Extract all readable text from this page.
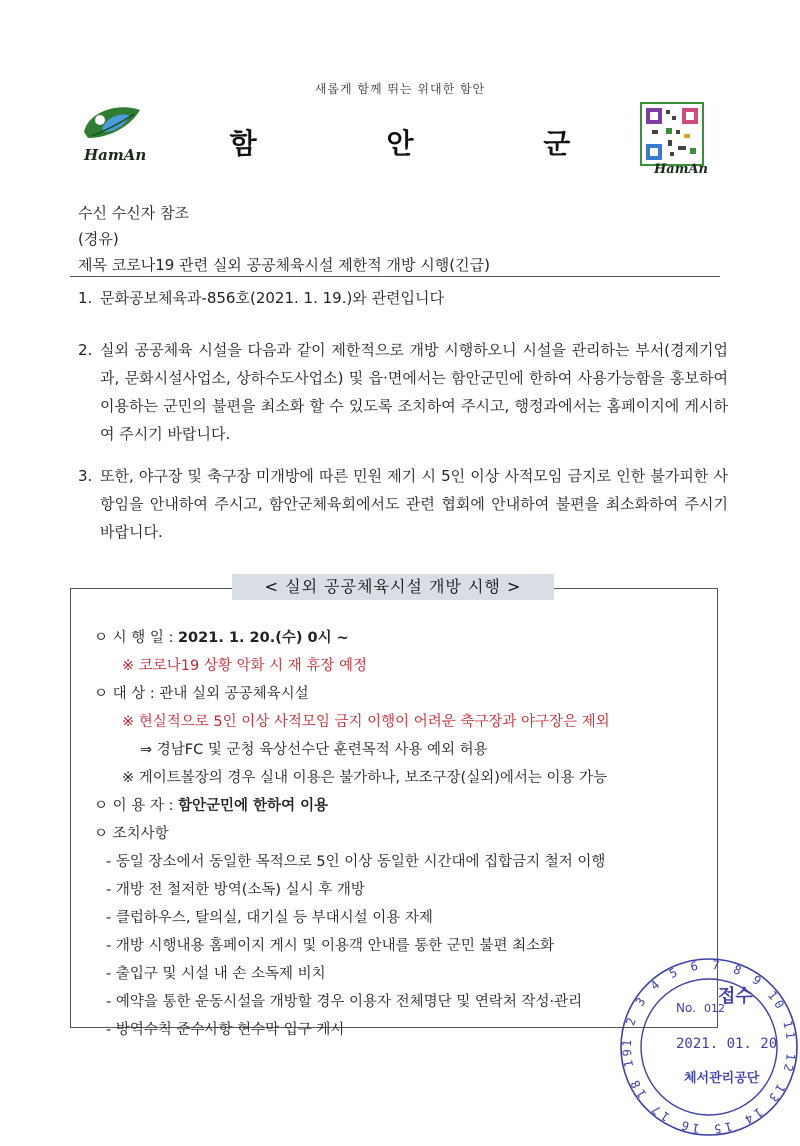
새롭게 함께 뛰는 위대한 함안
HamAn	함 안 군
HamAn
수신 수신자 참조
(경유)
제목 코로나19 관련 실외 공공체육시설 제한적 개방 시행(긴급)
1. 문화공보체육과-856호(2021. 1. 19.)와 관련입니다
2. 실외 공공체육 시설을 다음과 같이 제한적으로 개방 시행하오니 시설을 관리하는 부서(경제기업과, 문화시설사업소, 상하수도사업소) 및 읍·면에서는 함안군민에 한하여 사용가능함을 홍보하여 이용하는 군민의 불편을 최소화 할 수 있도록 조치하여 주시고, 행정과에서는 홈페이지에 게시하여 주시기 바랍니다.
3. 또한, 야구장 및 축구장 미개방에 따른 민원 제기 시 5인 이상 사적모임 금지로 인한 불가피한 사항임을 안내하여 주시고, 함안군체육회에서도 관련 협회에 안내하여 불편을 최소화하여 주시기 바랍니다.
< 실외 공공체육시설 개방 시행 >
ㅇ 시 행 일 : 2021. 1. 20.(수) 0시 ~
※ 코로나19 상황 악화 시 재 휴장 예정
ㅇ 대 상 : 관내 실외 공공체육시설
※ 현실적으로 5인 이상 사적모임 금지 이행이 어려운 축구장과 야구장은 제외
⇒ 경남FC 및 군청 육상선수단 훈련목적 사용 예외 허용
※ 게이트볼장의 경우 실내 이용은 불가하나, 보조구장(실외)에서는 이용 가능
ㅇ 이 용 자 : 함안군민에 한하여 이용
ㅇ 조치사항
- 동일 장소에서 동일한 목적으로 5인 이상 동일한 시간대에 집합금지 철저 이행
- 개방 전 철저한 방역(소독) 실시 후 개방
- 클럽하우스, 탈의실, 대기실 등 부대시설 이용 자제
- 개방 시행내용 홈페이지 게시 및 이용객 안내를 통한 군민 불편 최소화
- 출입구 및 시설 내 손 소독제 비치
- 예약을 통한 운동시설을 개방할 경우 이용자 전체명단 및 연락처 작성·관리
- 방역수칙 준수사항 현수막 입구 게시
1 2 3 4 5 6 7 8 9 10 11 12 13 14 15 16 17 18 19
No. 012
접수
2021. 01. 20
체서관리공단
